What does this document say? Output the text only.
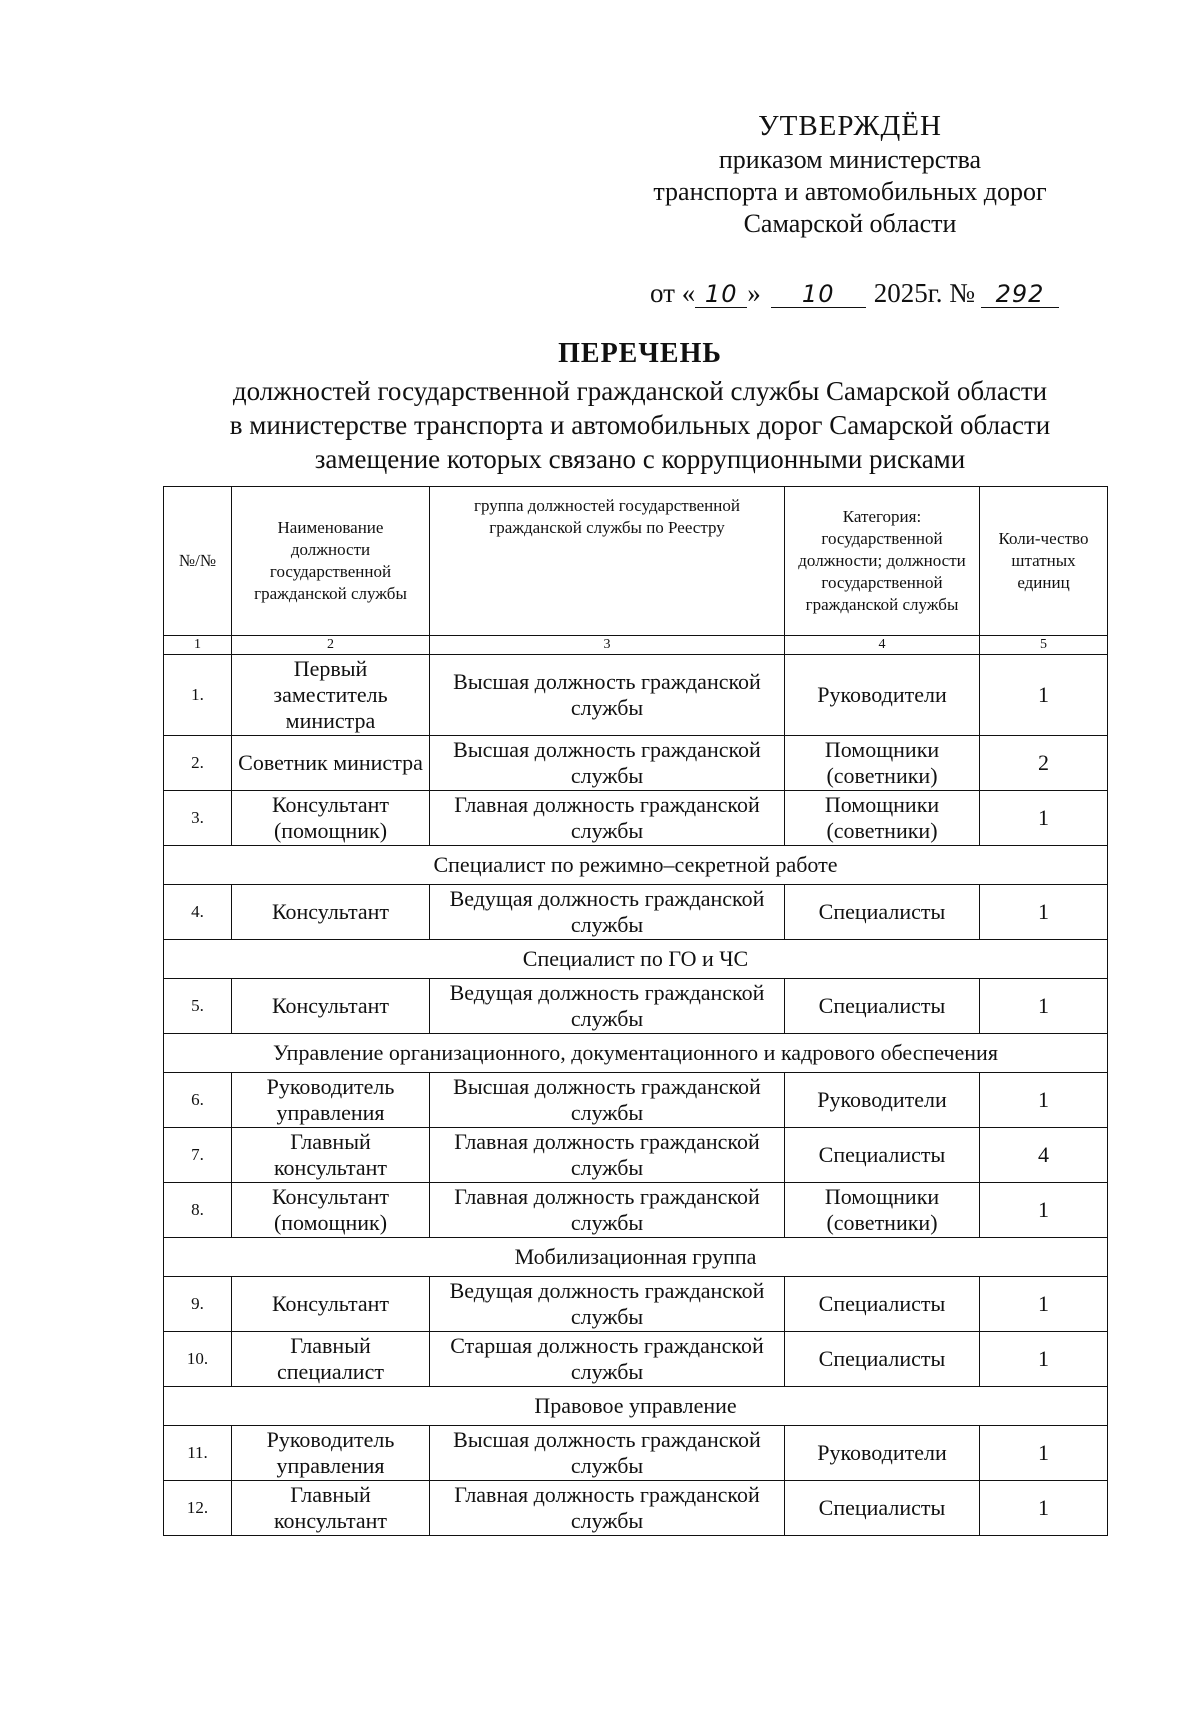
УТВЕРЖДЁН
приказом министерства
транспорта и автомобильных дорог
Самарской области
от « 10 » 10 2025г. № 292
ПЕРЕЧЕНЬ
должностей государственной гражданской службы Самарской области
в министерстве транспорта и автомобильных дорог Самарской области
замещение которых связано с коррупционными рисками
№/№	Наименование должности государственной гражданской службы	группа должностей государственной гражданской службы по Реестру	Категория: государственной должности; должности государственной гражданской службы	Коли-чество штатных единиц
1	2	3	4	5
1.	Первый заместитель министра	Высшая должность гражданской службы	Руководители	1
2.	Советник министра	Высшая должность гражданской службы	Помощники (советники)	2
3.	Консультант (помощник)	Главная должность гражданской службы	Помощники (советники)	1
Специалист по режимно–секретной работе				
4.	Консультант	Ведущая должность гражданской службы	Специалисты	1
Специалист по ГО и ЧС				
5.	Консультант	Ведущая должность гражданской службы	Специалисты	1
Управление организационного, документационного и кадрового обеспечения				
6.	Руководитель управления	Высшая должность гражданской службы	Руководители	1
7.	Главный консультант	Главная должность гражданской службы	Специалисты	4
8.	Консультант (помощник)	Главная должность гражданской службы	Помощники (советники)	1
Мобилизационная группа				
9.	Консультант	Ведущая должность гражданской службы	Специалисты	1
10.	Главный специалист	Старшая должность гражданской службы	Специалисты	1
Правовое управление				
11.	Руководитель управления	Высшая должность гражданской службы	Руководители	1
12.	Главный консультант	Главная должность гражданской службы	Специалисты	1
